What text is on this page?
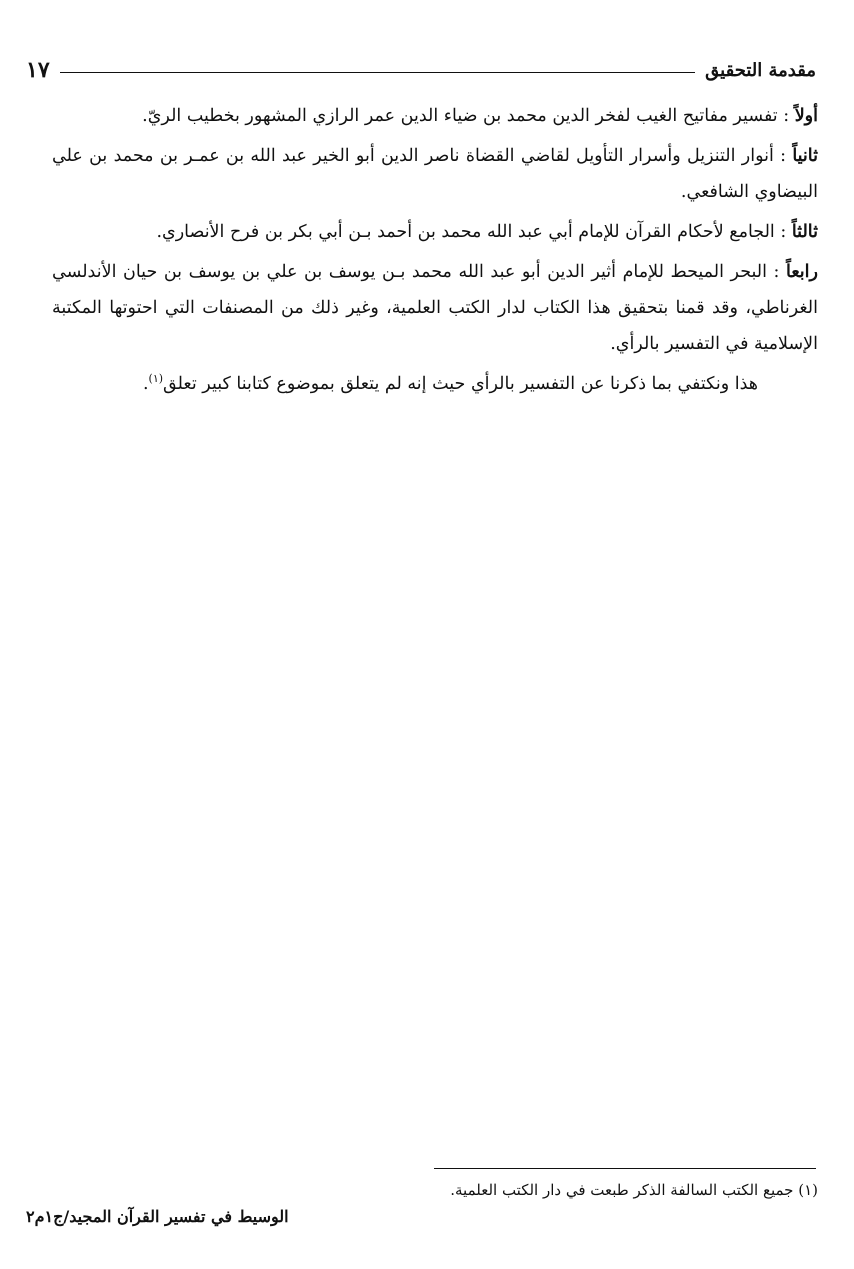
مقدمة التحقيق
١٧

أولاً : تفسير مفاتيح الغيب لفخر الدين محمد بن ضياء الدين عمر الرازي المشهور بخطيب الريّ.

ثانياً : أنوار التنزيل وأسرار التأويل لقاضي القضاة ناصر الدين أبو الخير عبد الله بن عمـر بن محمد بن علي البيضاوي الشافعي.

ثالثاً : الجامع لأحكام القرآن للإمام أبي عبد الله محمد بن أحمد بـن أبي بكر بن فرح الأنصاري.

رابعاً : البحر الميحط للإمام أثير الدين أبو عبد الله محمد بـن يوسف بن علي بن يوسف بن حيان الأندلسي الغرناطي، وقد قمنا بتحقيق هذا الكتاب لدار الكتب العلمية، وغير ذلك من المصنفات التي احتوتها المكتبة الإسلامية في التفسير بالرأي.

هذا ونكتفي بما ذكرنا عن التفسير بالرأي حيث إنه لم يتعلق بموضوع كتابنا كبير تعلق$^{(١)}$.

(١) جميع الكتب السالفة الذكر طبعت في دار الكتب العلمية.
الوسيط في تفسير القرآن المجيد/ج١م٢
